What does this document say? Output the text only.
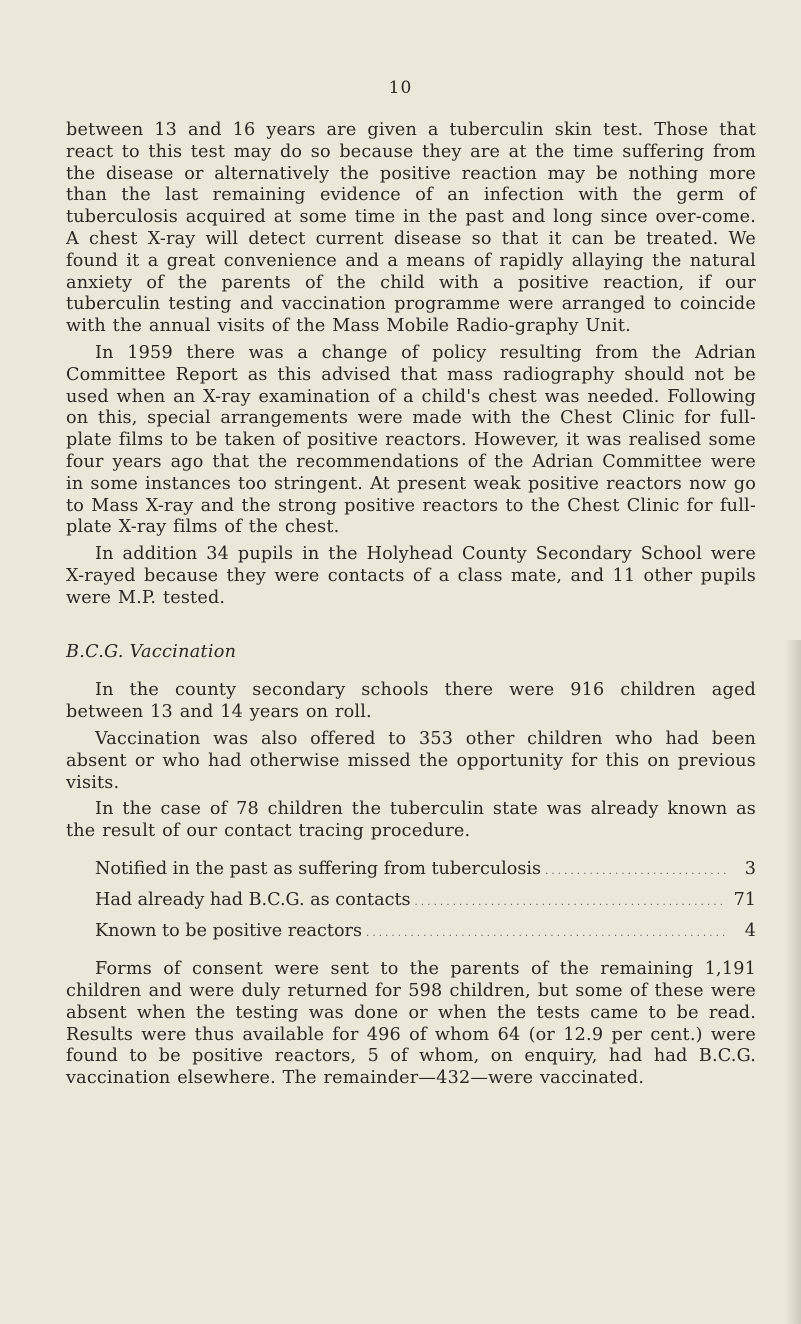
10

between 13 and 16 years are given a tuberculin skin test. Those that react to this test may do so because they are at the time suffering from the disease or alternatively the positive reaction may be nothing more than the last remaining evidence of an infection with the germ of tuberculosis acquired at some time in the past and long since over-come. A chest X-ray will detect current disease so that it can be treated. We found it a great convenience and a means of rapidly allaying the natural anxiety of the parents of the child with a positive reaction, if our tuberculin testing and vaccination programme were arranged to coincide with the annual visits of the Mass Mobile Radio-graphy Unit.

In 1959 there was a change of policy resulting from the Adrian Committee Report as this advised that mass radiography should not be used when an X-ray examination of a child's chest was needed. Following on this, special arrangements were made with the Chest Clinic for full-plate films to be taken of positive reactors. However, it was realised some four years ago that the recommendations of the Adrian Committee were in some instances too stringent. At present weak positive reactors now go to Mass X-ray and the strong positive reactors to the Chest Clinic for full-plate X-ray films of the chest.

In addition 34 pupils in the Holyhead County Secondary School were X-rayed because they were contacts of a class mate, and 11 other pupils were M.P. tested.

B.C.G. Vaccination

In the county secondary schools there were 916 children aged between 13 and 14 years on roll.

Vaccination was also offered to 353 other children who had been absent or who had otherwise missed the opportunity for this on previous visits.

In the case of 78 children the tuberculin state was already known as the result of our contact tracing procedure.

Notified in the past as suffering from tuberculosis . . .	3
Had already had B.C.G. as contacts . . .	71
Known to be positive reactors . . .	4

Forms of consent were sent to the parents of the remaining 1,191 children and were duly returned for 598 children, but some of these were absent when the testing was done or when the tests came to be read. Results were thus available for 496 of whom 64 (or 12.9 per cent.) were found to be positive reactors, 5 of whom, on enquiry, had had B.C.G. vaccination elsewhere. The remainder—432—were vaccinated.
